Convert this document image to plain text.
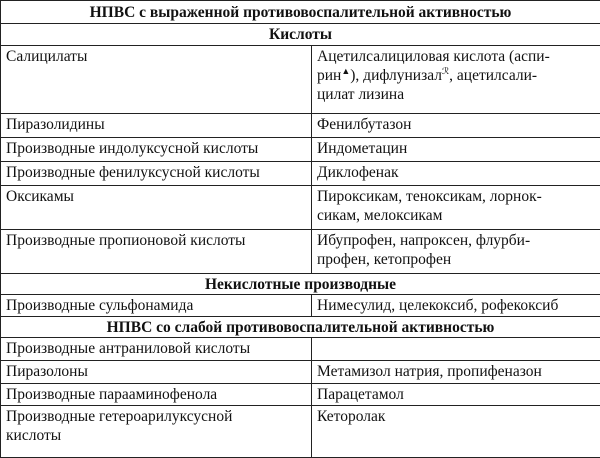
НПВС с выраженной противовоспалительной активностью	
Кислоты	
Салицилаты	Ацетилсалициловая кислота (аспи-
рин▲), дифлунизал$^ℛ$, ацетилсали-
цилат лизина
Пиразолидины	Фенилбутазон
Производные индолуксусной кислоты	Индометацин
Производные фенилуксусной кислоты	Диклофенак
Оксикамы	Пироксикам, теноксикам, лорнок-
сикам, мелоксикам
Производные пропионовой кислоты	Ибупрофен, напроксен, флурби-
профен, кетопрофен
Некислотные производные	
Производные сульфонамида	Нимесулид, целекоксиб, рофекоксиб
НПВС со слабой противовоспалительной активностью	
Производные антраниловой кислоты	
Пиразолоны	Метамизол натрия, пропифеназон
Производные парааминофенола	Парацетамол
Производные гетероарилуксусной
кислоты	Кеторолак
